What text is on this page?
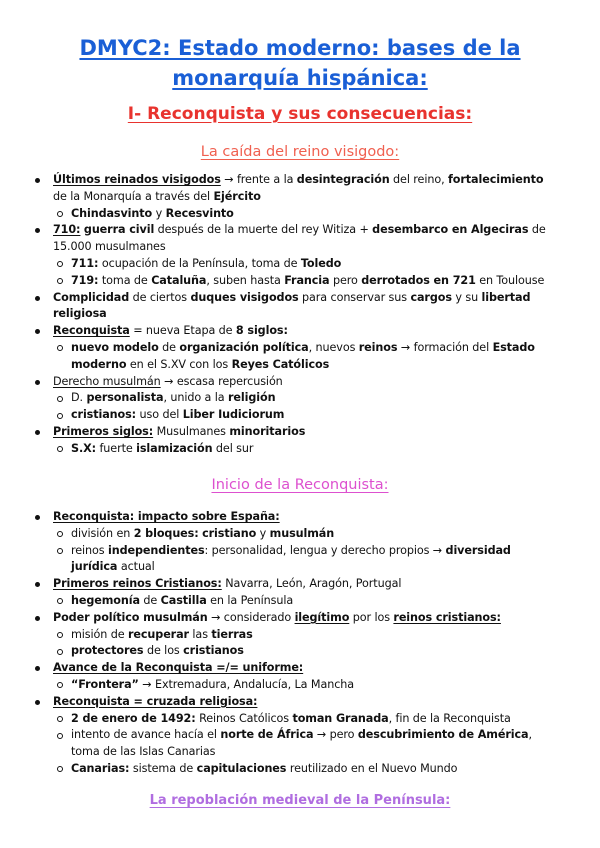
DMYC2: Estado moderno: bases de la monarquía hispánica:
I- Reconquista y sus consecuencias:
La caída del reino visigodo:
Últimos reinados visigodos → frente a la desintegración del reino, fortalecimiento de la Monarquía a través del Ejército
Chindasvinto y Recesvinto
710: guerra civil después de la muerte del rey Witiza + desembarco en Algeciras de 15.000 musulmanes
711: ocupación de la Península, toma de Toledo
719: toma de Cataluña, suben hasta Francia pero derrotados en 721 en Toulouse
Complicidad de ciertos duques visigodos para conservar sus cargos y su libertad religiosa
Reconquista = nueva Etapa de 8 siglos:
nuevo modelo de organización política, nuevos reinos → formación del Estado moderno en el S.XV con los Reyes Católicos
Derecho musulmán → escasa repercusión
D. personalista, unido a la religión
cristianos: uso del Liber Iudiciorum
Primeros siglos: Musulmanes minoritarios
S.X: fuerte islamización del sur
Inicio de la Reconquista:
Reconquista: impacto sobre España:
división en 2 bloques: cristiano y musulmán
reinos independientes: personalidad, lengua y derecho propios → diversidad jurídica actual
Primeros reinos Cristianos: Navarra, León, Aragón, Portugal
hegemonía de Castilla en la Península
Poder político musulmán → considerado ilegítimo por los reinos cristianos:
misión de recuperar las tierras
protectores de los cristianos
Avance de la Reconquista =/= uniforme:
“Frontera” → Extremadura, Andalucía, La Mancha
Reconquista = cruzada religiosa:
2 de enero de 1492: Reinos Católicos toman Granada, fin de la Reconquista
intento de avance hacía el norte de África → pero descubrimiento de América, toma de las Islas Canarias
Canarias: sistema de capitulaciones reutilizado en el Nuevo Mundo
La repoblación medieval de la Península:
